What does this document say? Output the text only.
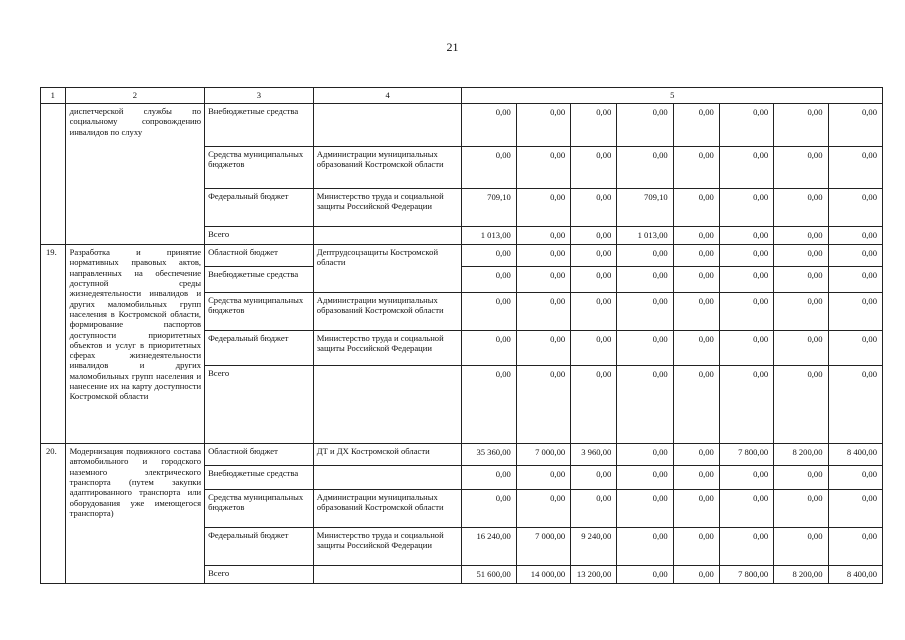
21
1	2	3	4	5							
	диспетчерской службы по социальному сопровождению инвалидов по слуху	Внебюджетные средства		0,00	0,00	0,00	0,00	0,00	0,00	0,00	0,00
		Средства муниципальных бюджетов	Администрации муниципальных образований Костромской области	0,00	0,00	0,00	0,00	0,00	0,00	0,00	0,00
		Федеральный бюджет	Министерство труда и социальной защиты Российской Федерации	709,10	0,00	0,00	709,10	0,00	0,00	0,00	0,00
		Всего		1 013,00	0,00	0,00	1 013,00	0,00	0,00	0,00	0,00
19.	Разработка и принятие нормативных правовых актов, направленных на обеспечение доступной среды жизнедеятельности инвалидов и других маломобильных групп населения в Костромской области, формирование паспортов доступности приоритетных объектов и услуг в приоритетных сферах жизнедеятельности инвалидов и других маломобильных групп населения и нанесение их на карту доступности Костромской области	Областной бюджет	Дептрудсоцзащиты Костромской области	0,00	0,00	0,00	0,00	0,00	0,00	0,00	0,00
		Внебюджетные средства		0,00	0,00	0,00	0,00	0,00	0,00	0,00	0,00
		Средства муниципальных бюджетов	Администрации муниципальных образований Костромской области	0,00	0,00	0,00	0,00	0,00	0,00	0,00	0,00
		Федеральный бюджет	Министерство труда и социальной защиты Российской Федерации	0,00	0,00	0,00	0,00	0,00	0,00	0,00	0,00
		Всего		0,00	0,00	0,00	0,00	0,00	0,00	0,00	0,00
20.	Модернизация подвижного состава автомобильного и городского наземного электрического транспорта (путем закупки адаптированного транспорта или оборудования уже имеющегося транспорта)	Областной бюджет	ДТ и ДХ Костромской области	35 360,00	7 000,00	3 960,00	0,00	0,00	7 800,00	8 200,00	8 400,00
		Внебюджетные средства		0,00	0,00	0,00	0,00	0,00	0,00	0,00	0,00
		Средства муниципальных бюджетов	Администрации муниципальных образований Костромской области	0,00	0,00	0,00	0,00	0,00	0,00	0,00	0,00
		Федеральный бюджет	Министерство труда и социальной защиты Российской Федерации	16 240,00	7 000,00	9 240,00	0,00	0,00	0,00	0,00	0,00
		Всего		51 600,00	14 000,00	13 200,00	0,00	0,00	7 800,00	8 200,00	8 400,00
